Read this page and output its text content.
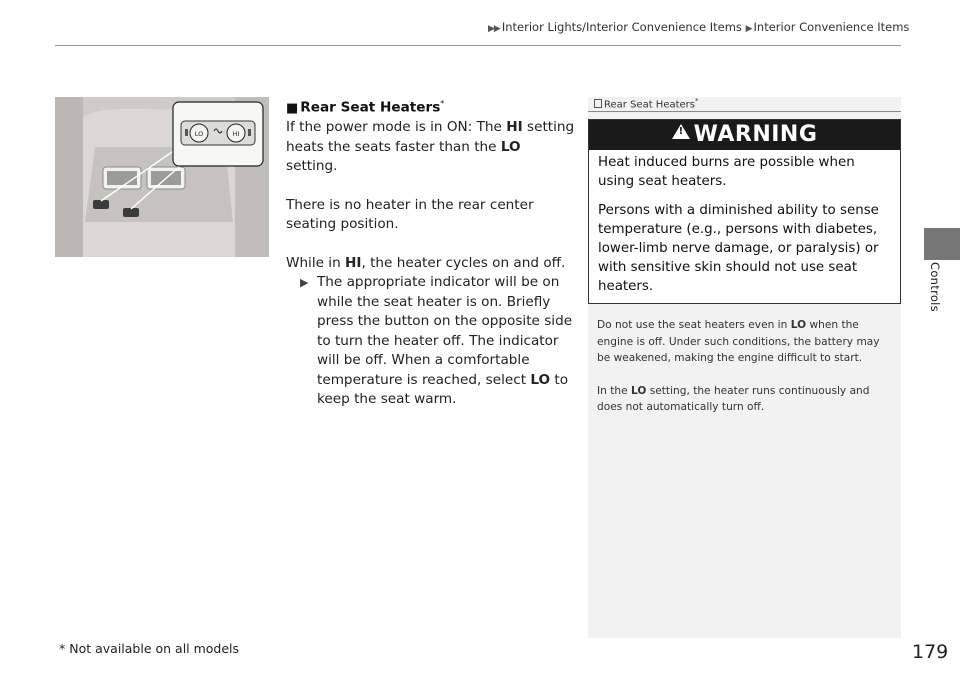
▶▶ Interior Lights/Interior Convenience Items ▶ Interior Convenience Items
Controls
LO	HI

■ Rear Seat Heaters*

If the power mode is in ON: The HI setting heats the seats faster than the LO setting.

There is no heater in the rear center seating position.

While in HI, the heater cycles on and off.

▶ The appropriate indicator will be on while the seat heater is on. Briefly press the button on the opposite side to turn the heater off. The indicator will be off. When a comfortable temperature is reached, select LO to keep the seat warm.

Rear Seat Heaters*
!WARNING

Heat induced burns are possible when using seat heaters.

Persons with a diminished ability to sense temperature (e.g., persons with diabetes, lower-limb nerve damage, or paralysis) or with sensitive skin should not use seat heaters.

Do not use the seat heaters even in LO when the engine is off. Under such conditions, the battery may be weakened, making the engine difficult to start.

In the LO setting, the heater runs continuously and does not automatically turn off.

* Not available on all models	179
